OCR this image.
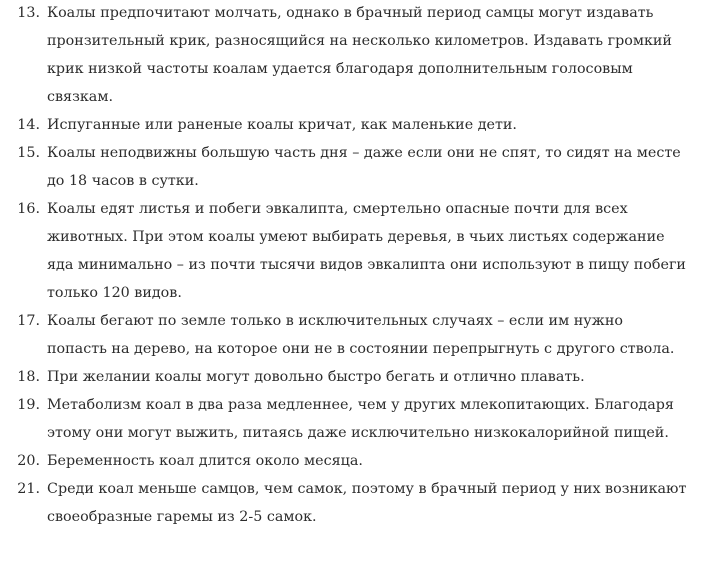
13. Коалы предпочитают молчать, однако в брачный период самцы могут издавать пронзительный крик, разносящийся на несколько километров. Издавать громкий крик низкой частоты коалам удается благодаря дополнительным голосовым связкам.
14. Испуганные или раненые коалы кричат, как маленькие дети.
15. Коалы неподвижны большую часть дня – даже если они не спят, то сидят на месте до 18 часов в сутки.
16. Коалы едят листья и побеги эвкалипта, смертельно опасные почти для всех животных. При этом коалы умеют выбирать деревья, в чьих листьях содержание яда минимально – из почти тысячи видов эвкалипта они используют в пищу побеги только 120 видов.
17. Коалы бегают по земле только в исключительных случаях – если им нужно попасть на дерево, на которое они не в состоянии перепрыгнуть с другого ствола.
18. При желании коалы могут довольно быстро бегать и отлично плавать.
19. Метаболизм коал в два раза медленнее, чем у других млекопитающих. Благодаря этому они могут выжить, питаясь даже исключительно низкокалорийной пищей.
20. Беременность коал длится около месяца.
21. Среди коал меньше самцов, чем самок, поэтому в брачный период у них возникают своеобразные гаремы из 2-5 самок.
